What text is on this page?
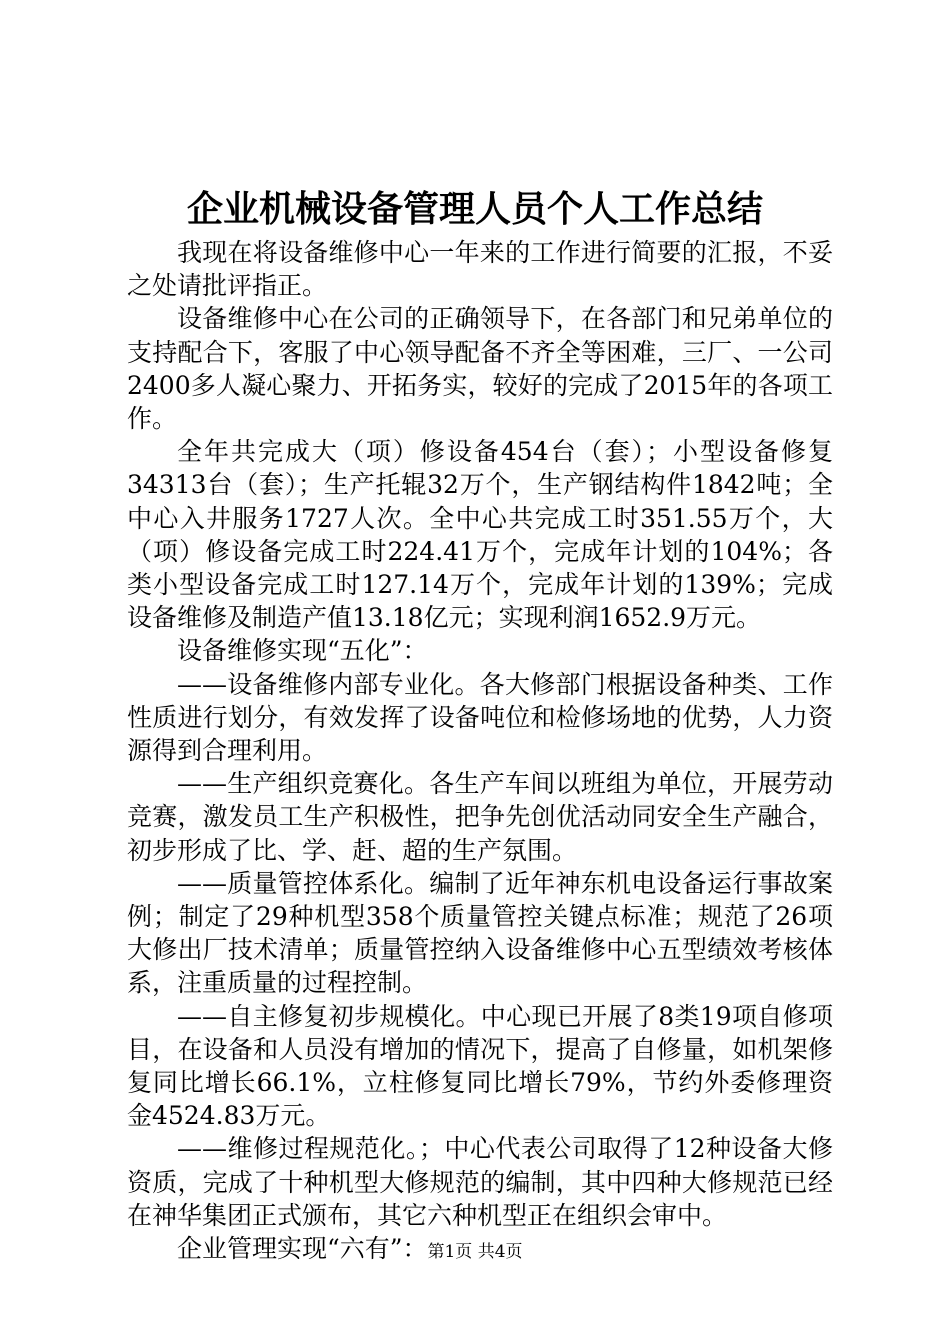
企业机械设备管理人员个人工作总结

我现在将设备维修中心一年来的工作进行简要的汇报，不妥之处请批评指正。

设备维修中心在公司的正确领导下，在各部门和兄弟单位的支持配合下，客服了中心领导配备不齐全等困难，三厂、一公司2400多人凝心聚力、开拓务实，较好的完成了2015年的各项工作。

全年共完成大（项）修设备454台（套）；小型设备修复34313台（套）；生产托辊32万个，生产钢结构件1842吨；全中心入井服务1727人次。全中心共完成工时351.55万个，大（项）修设备完成工时224.41万个，完成年计划的104%；各类小型设备完成工时127.14万个，完成年计划的139%；完成设备维修及制造产值13.18亿元；实现利润1652.9万元。

设备维修实现“五化”：

——设备维修内部专业化。各大修部门根据设备种类、工作性质进行划分，有效发挥了设备吨位和检修场地的优势，人力资源得到合理利用。

——生产组织竞赛化。各生产车间以班组为单位，开展劳动竞赛，激发员工生产积极性，把争先创优活动同安全生产融合，初步形成了比、学、赶、超的生产氛围。

——质量管控体系化。编制了近年神东机电设备运行事故案例；制定了29种机型358个质量管控关键点标准；规范了26项大修出厂技术清单；质量管控纳入设备维修中心五型绩效考核体系，注重质量的过程控制。

——自主修复初步规模化。中心现已开展了8类19项自修项目，在设备和人员没有增加的情况下，提高了自修量，如机架修复同比增长66.1%，立柱修复同比增长79%，节约外委修理资金4524.83万元。

——维修过程规范化。；中心代表公司取得了12种设备大修资质，完成了十种机型大修规范的编制，其中四种大修规范已经在神华集团正式颁布，其它六种机型正在组织会审中。

企业管理实现“六有”： 第1页 共4页
